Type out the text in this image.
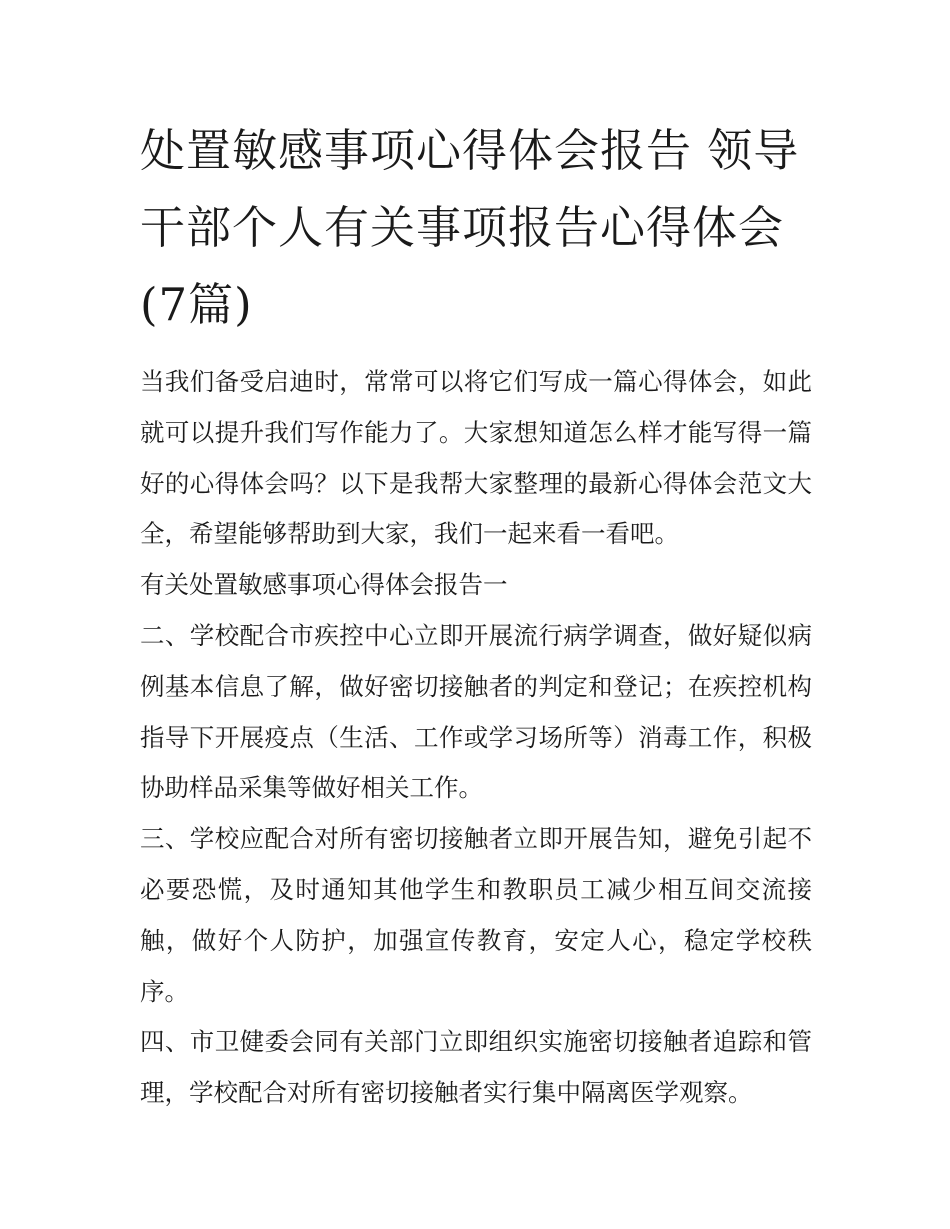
处置敏感事项心得体会报告 领导干部个人有关事项报告心得体会(7篇)

当我们备受启迪时，常常可以将它们写成一篇心得体会，如此就可以提升我们写作能力了。大家想知道怎么样才能写得一篇好的心得体会吗？以下是我帮大家整理的最新心得体会范文大全，希望能够帮助到大家，我们一起来看一看吧。

有关处置敏感事项心得体会报告一

二、学校配合市疾控中心立即开展流行病学调查，做好疑似病例基本信息了解，做好密切接触者的判定和登记；在疾控机构指导下开展疫点（生活、工作或学习场所等）消毒工作，积极协助样品采集等做好相关工作。

三、学校应配合对所有密切接触者立即开展告知，避免引起不必要恐慌，及时通知其他学生和教职员工减少相互间交流接触，做好个人防护，加强宣传教育，安定人心，稳定学校秩序。

四、市卫健委会同有关部门立即组织实施密切接触者追踪和管理，学校配合对所有密切接触者实行集中隔离医学观察。
